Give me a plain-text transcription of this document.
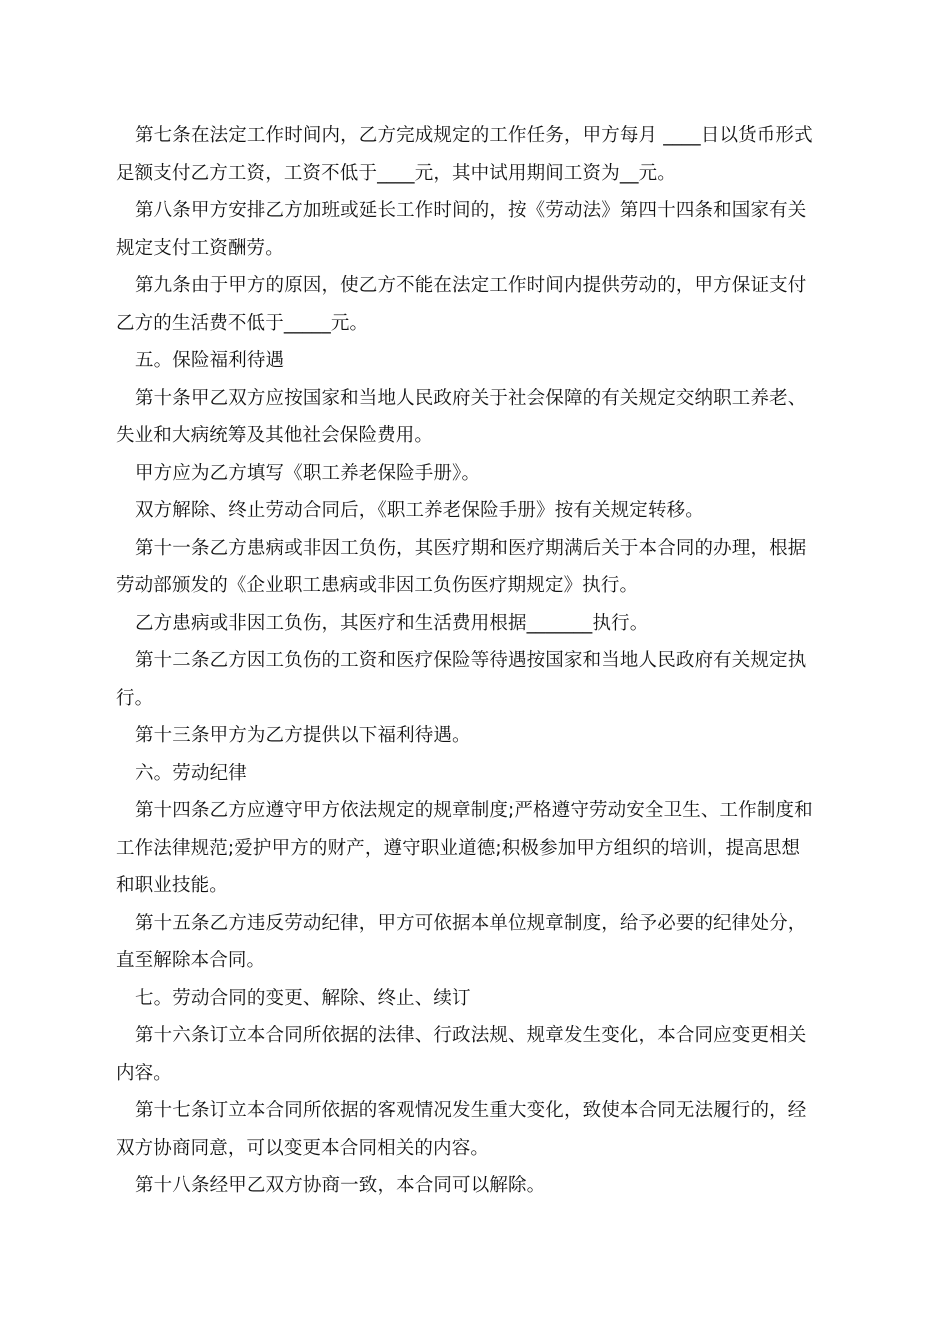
第七条在法定工作时间内，乙方完成规定的工作任务，甲方每月 ____日以货币形式
足额支付乙方工资，工资不低于____元，其中试用期间工资为__元。
第八条甲方安排乙方加班或延长工作时间的，按《劳动法》第四十四条和国家有关
规定支付工资酬劳。
第九条由于甲方的原因，使乙方不能在法定工作时间内提供劳动的，甲方保证支付
乙方的生活费不低于_____元。
五。保险福利待遇
第十条甲乙双方应按国家和当地人民政府关于社会保障的有关规定交纳职工养老、
失业和大病统筹及其他社会保险费用。
甲方应为乙方填写《职工养老保险手册》。
双方解除、终止劳动合同后，《职工养老保险手册》按有关规定转移。
第十一条乙方患病或非因工负伤，其医疗期和医疗期满后关于本合同的办理，根据
劳动部颁发的《企业职工患病或非因工负伤医疗期规定》执行。
乙方患病或非因工负伤，其医疗和生活费用根据_______执行。
第十二条乙方因工负伤的工资和医疗保险等待遇按国家和当地人民政府有关规定执
行。
第十三条甲方为乙方提供以下福利待遇。
六。劳动纪律
第十四条乙方应遵守甲方依法规定的规章制度;严格遵守劳动安全卫生、工作制度和
工作法律规范;爱护甲方的财产，遵守职业道德;积极参加甲方组织的培训，提高思想
和职业技能。
第十五条乙方违反劳动纪律，甲方可依据本单位规章制度，给予必要的纪律处分，
直至解除本合同。
七。劳动合同的变更、解除、终止、续订
第十六条订立本合同所依据的法律、行政法规、规章发生变化，本合同应变更相关
内容。
第十七条订立本合同所依据的客观情况发生重大变化，致使本合同无法履行的，经
双方协商同意，可以变更本合同相关的内容。
第十八条经甲乙双方协商一致，本合同可以解除。
